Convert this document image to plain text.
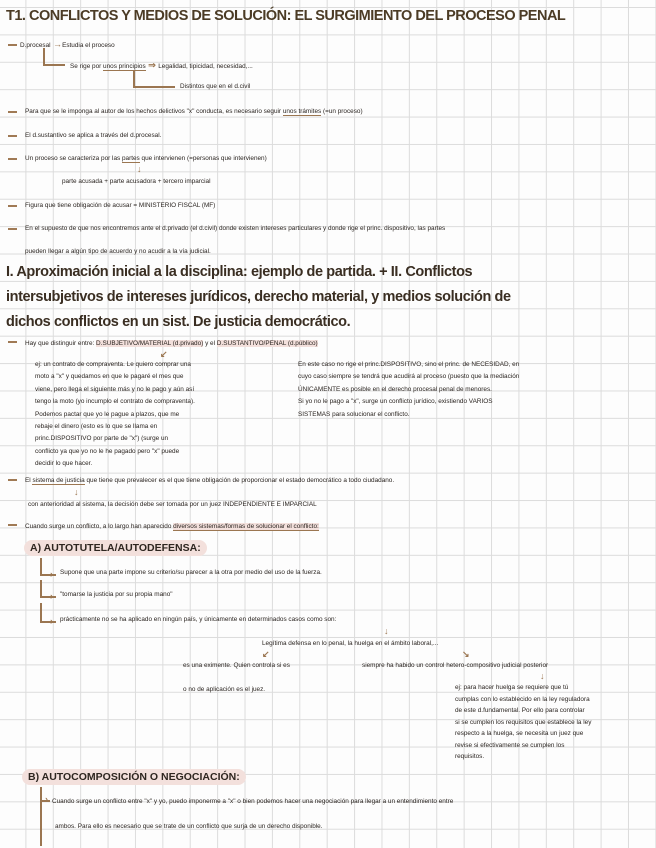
T1. CONFLICTOS Y MEDIOS DE SOLUCIÓN: EL SURGIMIENTO DEL PROCESO PENAL
D.procesal →Estudia el proceso
Se rige por unos principios ⇒ Legalidad, tipicidad, necesidad,...
Distintos que en el d.civil
Para que se le imponga al autor de los hechos delictivos "x" conducta, es necesario seguir unos trámites (=un proceso)
El d.sustantivo se aplica a través del d.procesal.
Un proceso se caracteriza por las partes que intervienen (=personas que intervienen)
↓
parte acusada + parte acusadora + tercero imparcial
Figura que tiene obligación de acusar = MINISTERIO FISCAL (MF)
En el supuesto de que nos encontremos ante el d.privado (el d.civil) donde existen intereses particulares y donde rige el princ. dispositivo, las partes
pueden llegar a algún tipo de acuerdo y no acudir a la vía judicial.
I. Aproximación inicial a la disciplina: ejemplo de partida. + II. Conflictos
intersubjetivos de intereses jurídicos, derecho material, y medios solución de
dichos conflictos en un sist. De justicia democrático.
Hay que distinguir entre: D.SUBJETIVO/MATERIAL (d.privado) y el D.SUSTANTIVO/PENAL (d.público)
↙
ej: un contrato de compraventa. Le quiero comprar una
moto a "x" y quedamos en que le pagaré el mes que
viene, pero llega el siguiente más y no le pago y aún así
tengo la moto (yo incumplo el contrato de compraventa).
Podemos pactar que yo le pague a plazos, que me
rebaje el dinero (esto es lo que se llama en
princ.DISPOSITIVO por parte de "x") (surge un
conflicto ya que yo no le he pagado pero "x" puede
decidir lo que hacer.
En este caso no rige el princ.DISPOSITIVO, sino el princ. de NECESIDAD, en
cuyo caso siempre se tendrá que acudirá al proceso (puesto que la mediación
ÚNICAMENTE es posible en el derecho procesal penal de menores.
Si yo no le pago a "x", surge un conflicto jurídico, existiendo VARIOS
SISTEMAS para solucionar el conflicto.
El sistema de justicia que tiene que prevalecer es el que tiene obligación de proporcionar el estado democrático a todo ciudadano.
↓
con anterioridad al sistema, la decisión debe ser tomada por un juez INDEPENDIENTE E IMPARCIAL
Cuando surge un conflicto, a lo largo han aparecido diversos sistemas/formas de solucionar el conflicto:
A) AUTOTUTELA/AUTODEFENSA:
› Supone que una parte impone su criterio/su parecer a la otra por medio del uso de la fuerza.
› "tomarse la justicia por su propia mano"
› prácticamente no se ha aplicado en ningún país, y únicamente en determinados casos como son:
↓
Legítima defensa en lo penal, la huelga en el ámbito laboral,...
↙	↘
es una eximente. Quien controla si es	siempre ha habido un control hetero-compositivo judicial posterior
↓
o no de aplicación es el juez.	ej: para hacer huelga se requiere que tú
cumplas con lo establecido en la ley reguladora
de este d.fundamental. Por ello para controlar
si se cumplen los requisitos que establece la ley
respecto a la huelga, se necesita un juez que
revise si efectivamente se cumplen los
requisitos.
B) AUTOCOMPOSICIÓN O NEGOCIACIÓN:
› Cuando surge un conflicto entre "x" y yo, puedo imponerme a "x" o bien podemos hacer una negociación para llegar a un entendimiento entre
ambos. Para ello es necesario que se trate de un conflicto que surja de un derecho disponible.
